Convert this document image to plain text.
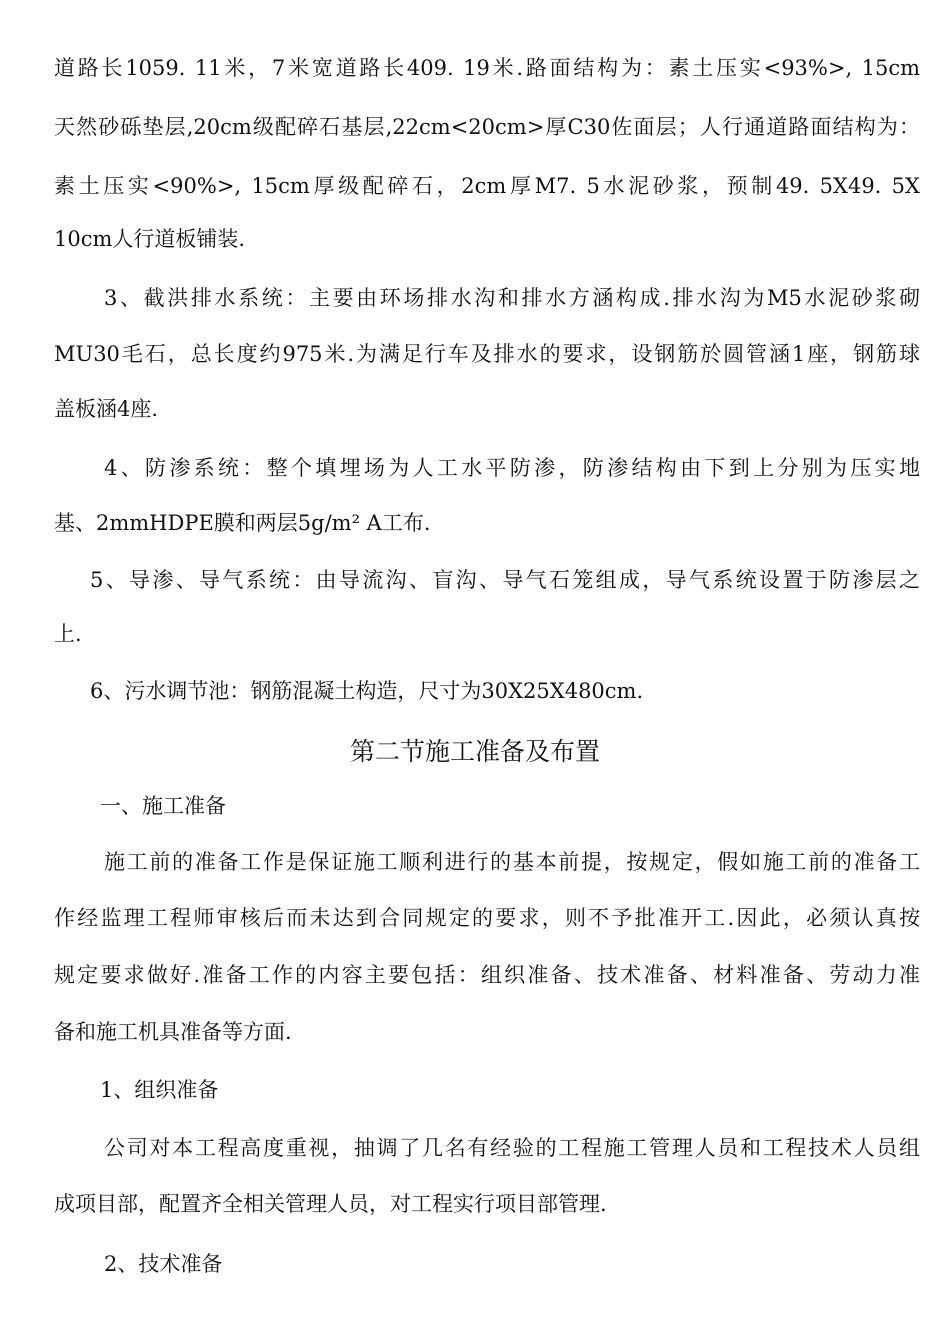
道路长1059. 11米，7米宽道路长409. 19米.路面结构为：素土压实<93%>, 15cm
天然砂砾垫层,20cm级配碎石基层,22cm<20cm>厚C30佐面层；人行通道路面结构为：
素土压实<90%>, 15cm厚级配碎石，2cm厚M7. 5水泥砂浆，预制49. 5X49. 5X
10cm人行道板铺装.
3、截洪排水系统：主要由环场排水沟和排水方涵构成.排水沟为M5水泥砂浆砌
MU30毛石，总长度约975米.为满足行车及排水的要求，设钢筋於圆管涵1座，钢筋球
盖板涵4座.
4、防渗系统：整个填埋场为人工水平防渗，防渗结构由下到上分别为压实地
基、2mmHDPE膜和两层5g/m² A工布.
5、导渗、导气系统：由导流沟、盲沟、导气石笼组成，导气系统设置于防渗层之
上.
6、污水调节池：钢筋混凝土构造，尺寸为30X25X480cm.
第二节施工准备及布置
一、施工准备
施工前的准备工作是保证施工顺利进行的基本前提，按规定，假如施工前的准备工
作经监理工程师审核后而未达到合同规定的要求，则不予批准开工.因此，必须认真按
规定要求做好.准备工作的内容主要包括：组织准备、技术准备、材料准备、劳动力准
备和施工机具准备等方面.
1、组织准备
公司对本工程高度重视，抽调了几名有经验的工程施工管理人员和工程技术人员组
成项目部，配置齐全相关管理人员，对工程实行项目部管理.
2、技术准备
